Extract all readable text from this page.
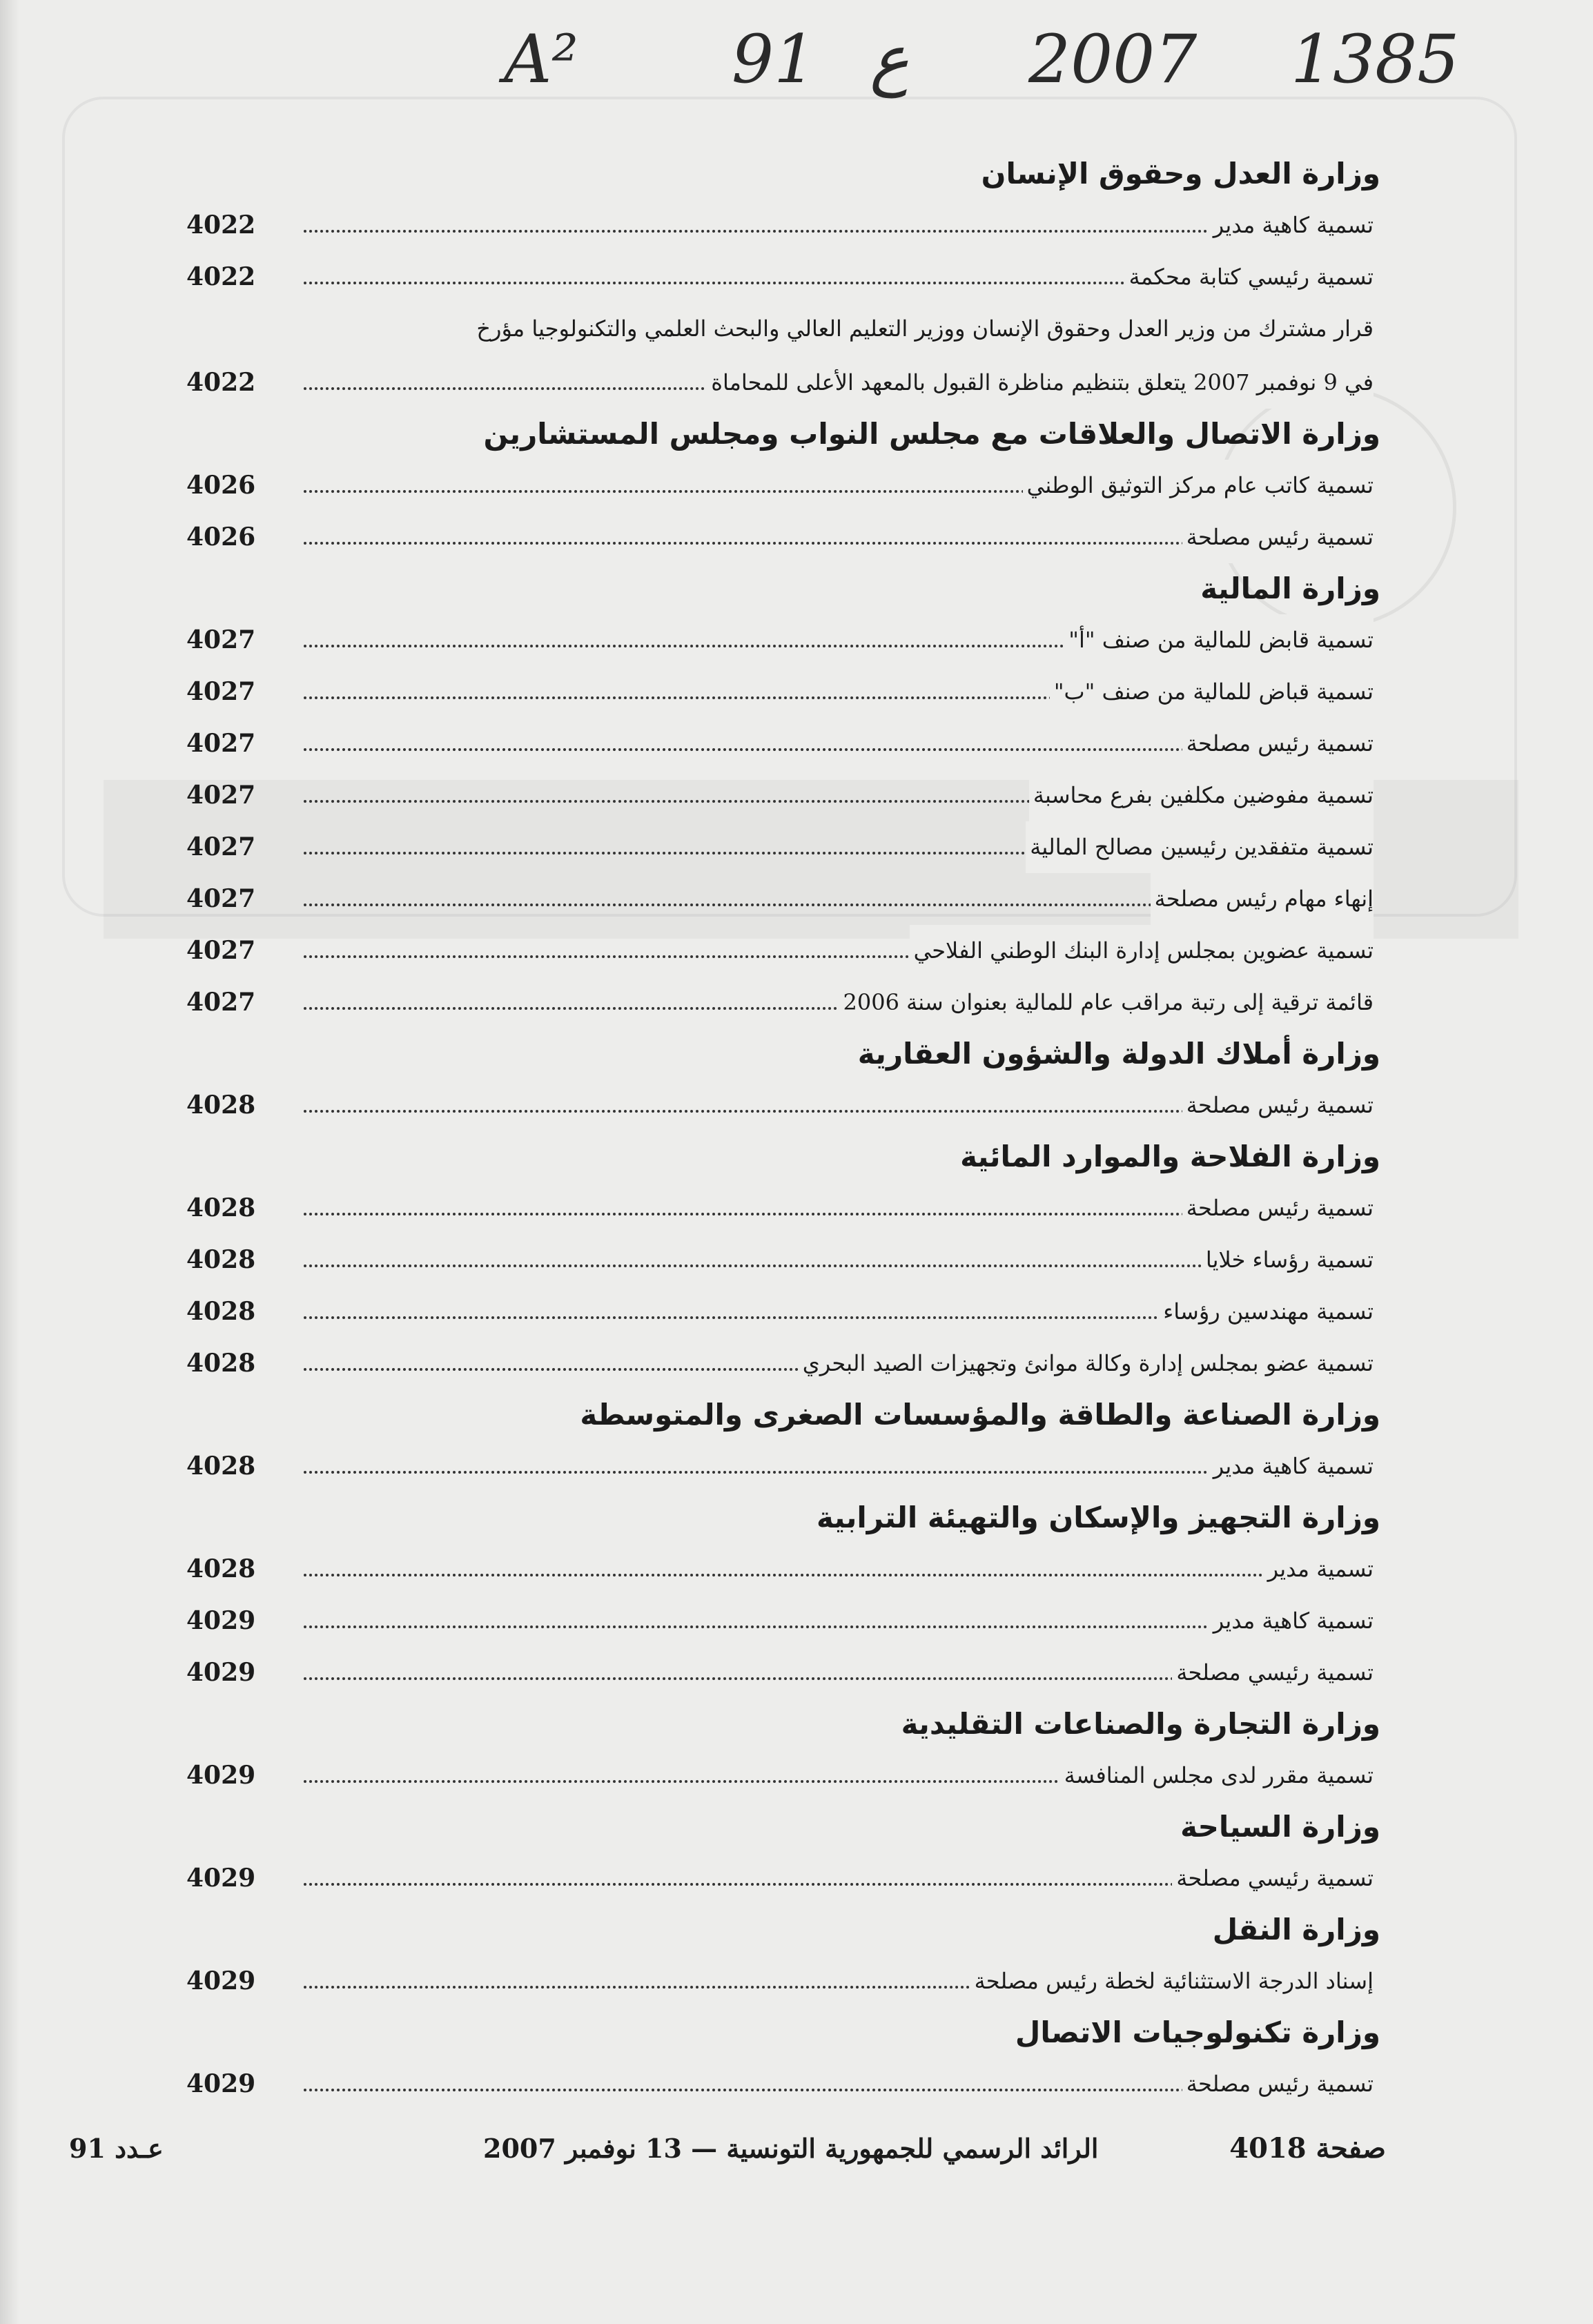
A² 91 ع 2007 1385
وزارة العدل وحقوق الإنسان
تسمية كاهية مدير
4022
تسمية رئيسي كتابة محكمة
4022
قرار مشترك من وزير العدل وحقوق الإنسان ووزير التعليم العالي والبحث العلمي والتكنولوجيا مؤرخ
في 9 نوفمبر 2007 يتعلق بتنظيم مناظرة القبول بالمعهد الأعلى للمحاماة
4022
وزارة الاتصال والعلاقات مع مجلس النواب ومجلس المستشارين
تسمية كاتب عام مركز التوثيق الوطني
4026
تسمية رئيس مصلحة
4026
وزارة المالية
تسمية قابض للمالية من صنف "أ"
4027
تسمية قباض للمالية من صنف "ب"
4027
تسمية رئيس مصلحة
4027
تسمية مفوضين مكلفين بفرع محاسبة
4027
تسمية متفقدين رئيسين مصالح المالية
4027
إنهاء مهام رئيس مصلحة
4027
تسمية عضوين بمجلس إدارة البنك الوطني الفلاحي
4027
قائمة ترقية إلى رتبة مراقب عام للمالية بعنوان سنة 2006
4027
وزارة أملاك الدولة والشؤون العقارية
تسمية رئيس مصلحة
4028
وزارة الفلاحة والموارد المائية
تسمية رئيس مصلحة
4028
تسمية رؤساء خلايا
4028
تسمية مهندسين رؤساء
4028
تسمية عضو بمجلس إدارة وكالة موانئ وتجهيزات الصيد البحري
4028
وزارة الصناعة والطاقة والمؤسسات الصغرى والمتوسطة
تسمية كاهية مدير
4028
وزارة التجهيز والإسكان والتهيئة الترابية
تسمية مدير
4028
تسمية كاهية مدير
4029
تسمية رئيسي مصلحة
4029
وزارة التجارة والصناعات التقليدية
تسمية مقرر لدى مجلس المنافسة
4029
وزارة السياحة
تسمية رئيسي مصلحة
4029
وزارة النقل
إسناد الدرجة الاستثنائية لخطة رئيس مصلحة
4029
وزارة تكنولوجيات الاتصال
تسمية رئيس مصلحة
4029
صفحة 4018
الرائد الرسمي للجمهورية التونسية — 13 نوفمبر 2007
عـدد 91
